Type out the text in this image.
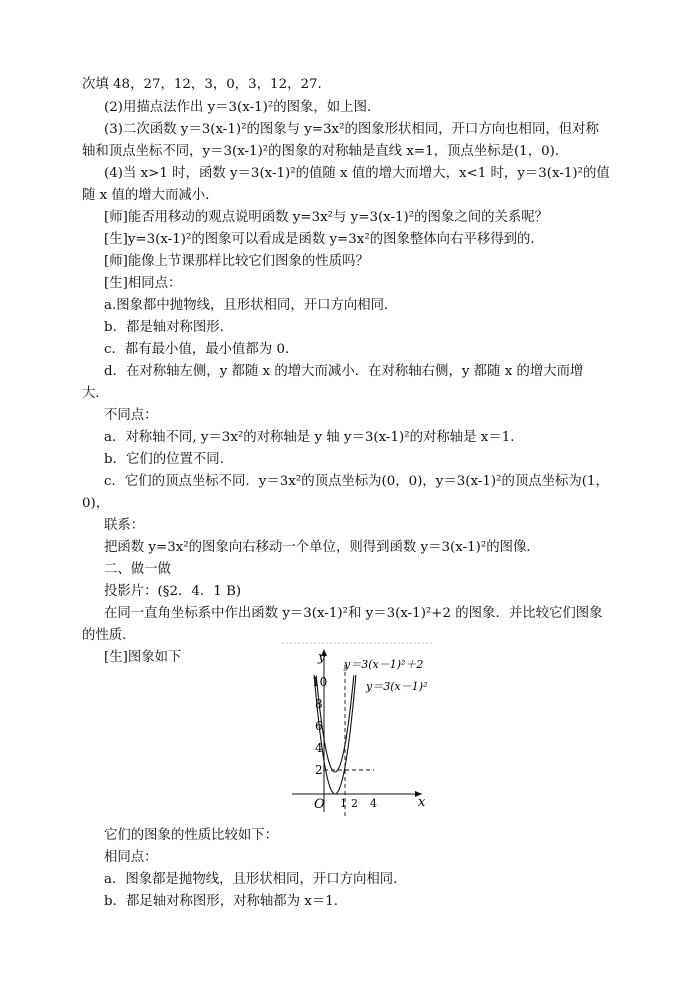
次填 48，27，12，3，0，3，12，27．
(2)用描点法作出 y＝3(x-1)²的图象，如上图．
(3)二次函数 y＝3(x-1)²的图象与 y=3x²的图象形状相同，开口方向也相同，但对称
轴和顶点坐标不同，y＝3(x-1)²的图象的对称轴是直线 x=1，顶点坐标是(1，0)．
(4)当 x>1 时，函数 y＝3(x-1)²的值随 x 值的增大而增大，x<1 时，y＝3(x-1)²的值
随 x 值的增大而减小．
[师]能否用移动的观点说明函数 y=3x²与 y=3(x-1)²的图象之间的关系呢？
[生]y=3(x-1)²的图象可以看成是函数 y=3x²的图象整体向右平移得到的．
[师]能像上节课那样比较它们图象的性质吗？
[生]相同点：
a.图象都中抛物线，且形状相同，开口方向相同．
b．都是轴对称图形．
c．都有最小值，最小值都为 0．
d．在对称轴左侧，y 都随 x 的增大而减小．在对称轴右侧，y 都随 x 的增大而增
大．
不同点：
a．对称轴不同, y＝3x²的对称轴是 y 轴 y＝3(x-1)²的对称轴是 x＝1．
b．它们的位置不同．
c．它们的顶点坐标不同．y＝3x²的顶点坐标为(0，0)，y＝3(x-1)²的顶点坐标为(1，
0)，
联系：
把函数 y=3x²的图象向右移动一个单位，则得到函数 y＝3(x-1)²的图像．
二、做一做
投影片：(§2．4．1 B)
在同一直角坐标系中作出函数 y＝3(x-1)²和 y＝3(x-1)²+2 的图象．并比较它们图象
的性质．
[生]图象如下
10
8
6
4
2
1 2 4
O	x
y y＝3(x－1)²＋2
y＝3(x－1)²
它们的图象的性质比较如下：
相同点：
a．图象都是抛物线，且形状相同，开口方向相同．
b．都足轴对称图形，对称轴都为 x＝1．
